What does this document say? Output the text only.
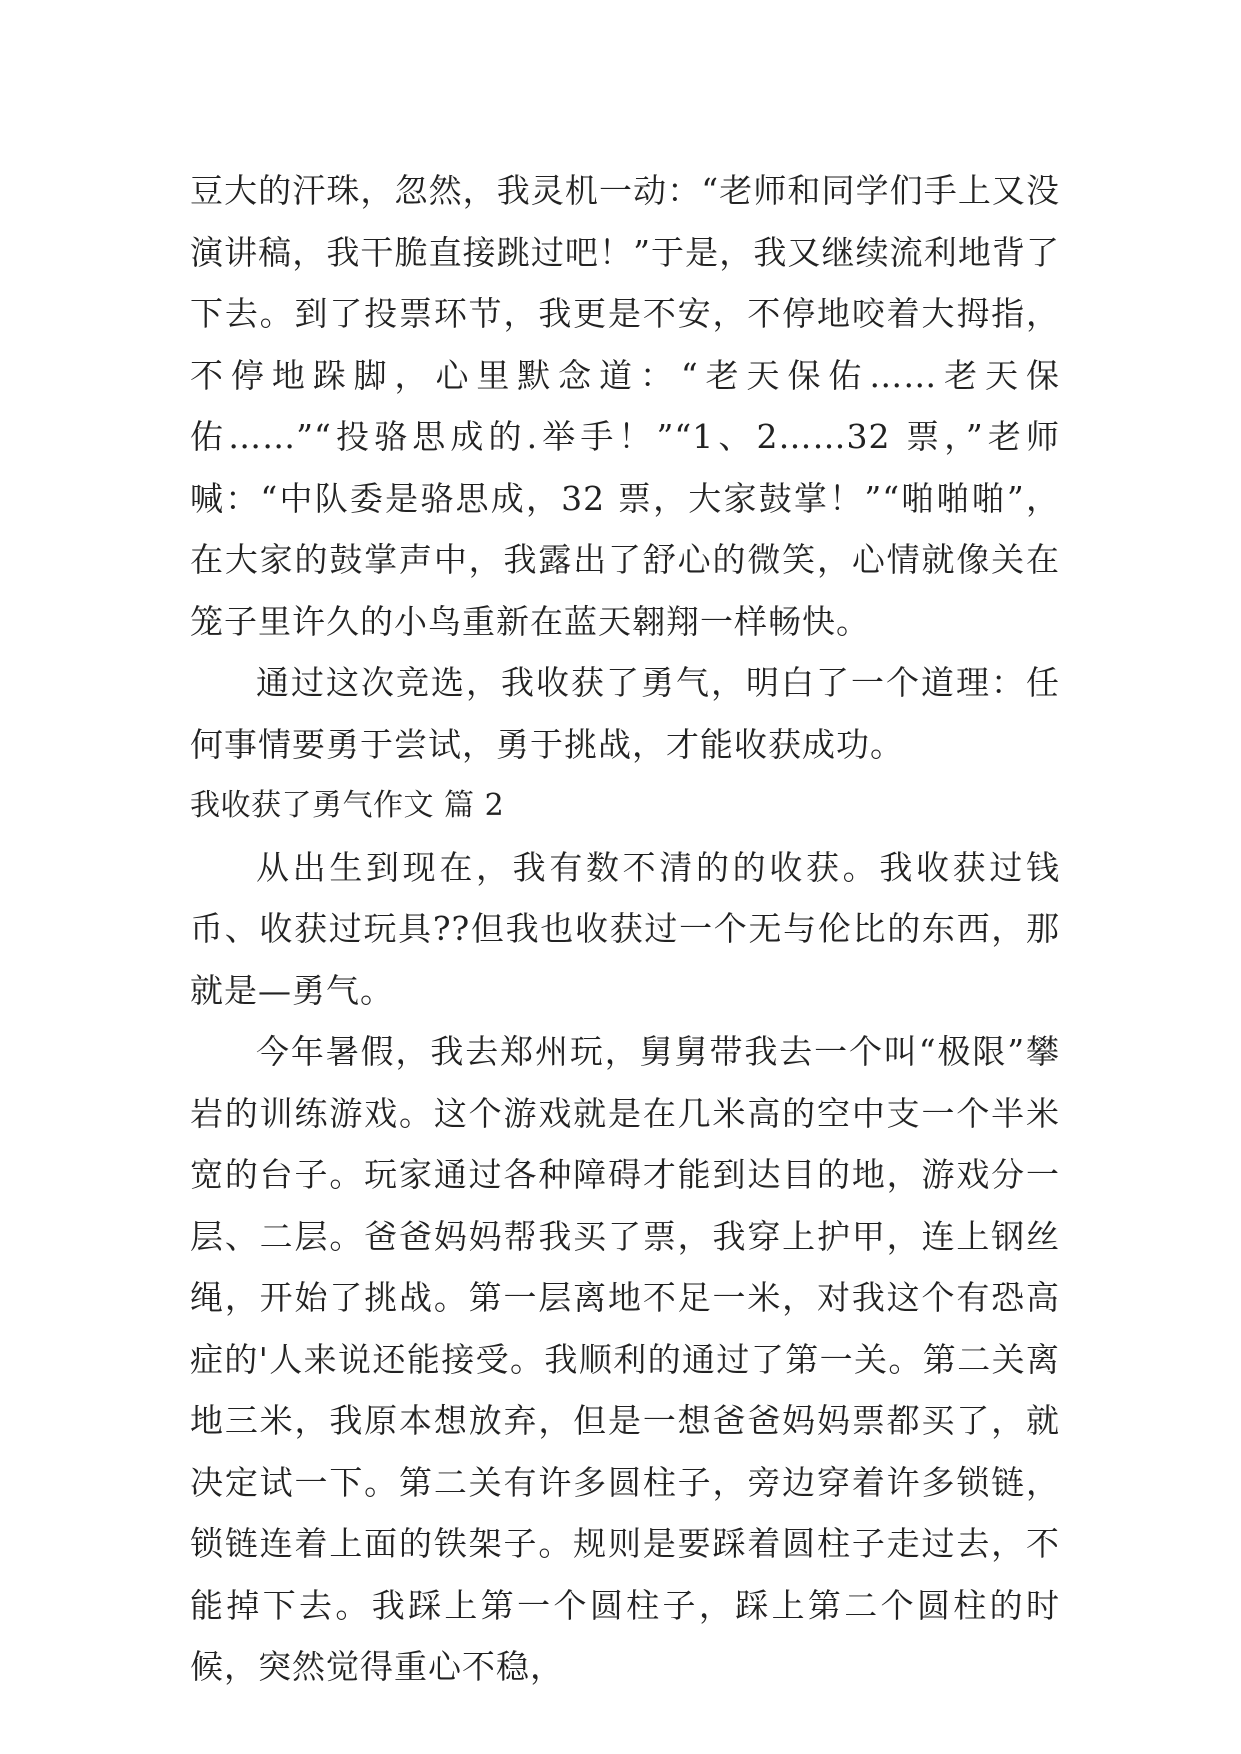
豆大的汗珠，忽然，我灵机一动：“老师和同学们手上又没演讲稿，我干脆直接跳过吧！”于是，我又继续流利地背了下去。到了投票环节，我更是不安，不停地咬着大拇指，不停地跺脚，心里默念道：“老天保佑……老天保佑……”“投骆思成的.举手！”“1、2……32 票，”老师喊：“中队委是骆思成，32 票，大家鼓掌！”“啪啪啪”，在大家的鼓掌声中，我露出了舒心的微笑，心情就像关在笼子里许久的小鸟重新在蓝天翱翔一样畅快。

通过这次竞选，我收获了勇气，明白了一个道理：任何事情要勇于尝试，勇于挑战，才能收获成功。

我收获了勇气作文 篇 2

从出生到现在，我有数不清的的收获。我收获过钱币、收获过玩具??但我也收获过一个无与伦比的东西，那就是—勇气。

今年暑假，我去郑州玩，舅舅带我去一个叫“极限”攀岩的训练游戏。这个游戏就是在几米高的空中支一个半米宽的台子。玩家通过各种障碍才能到达目的地，游戏分一层、二层。爸爸妈妈帮我买了票，我穿上护甲，连上钢丝绳，开始了挑战。第一层离地不足一米，对我这个有恐高症的'人来说还能接受。我顺利的通过了第一关。第二关离地三米，我原本想放弃，但是一想爸爸妈妈票都买了，就决定试一下。第二关有许多圆柱子，旁边穿着许多锁链，锁链连着上面的铁架子。规则是要踩着圆柱子走过去，不能掉下去。我踩上第一个圆柱子，踩上第二个圆柱的时候，突然觉得重心不稳，
